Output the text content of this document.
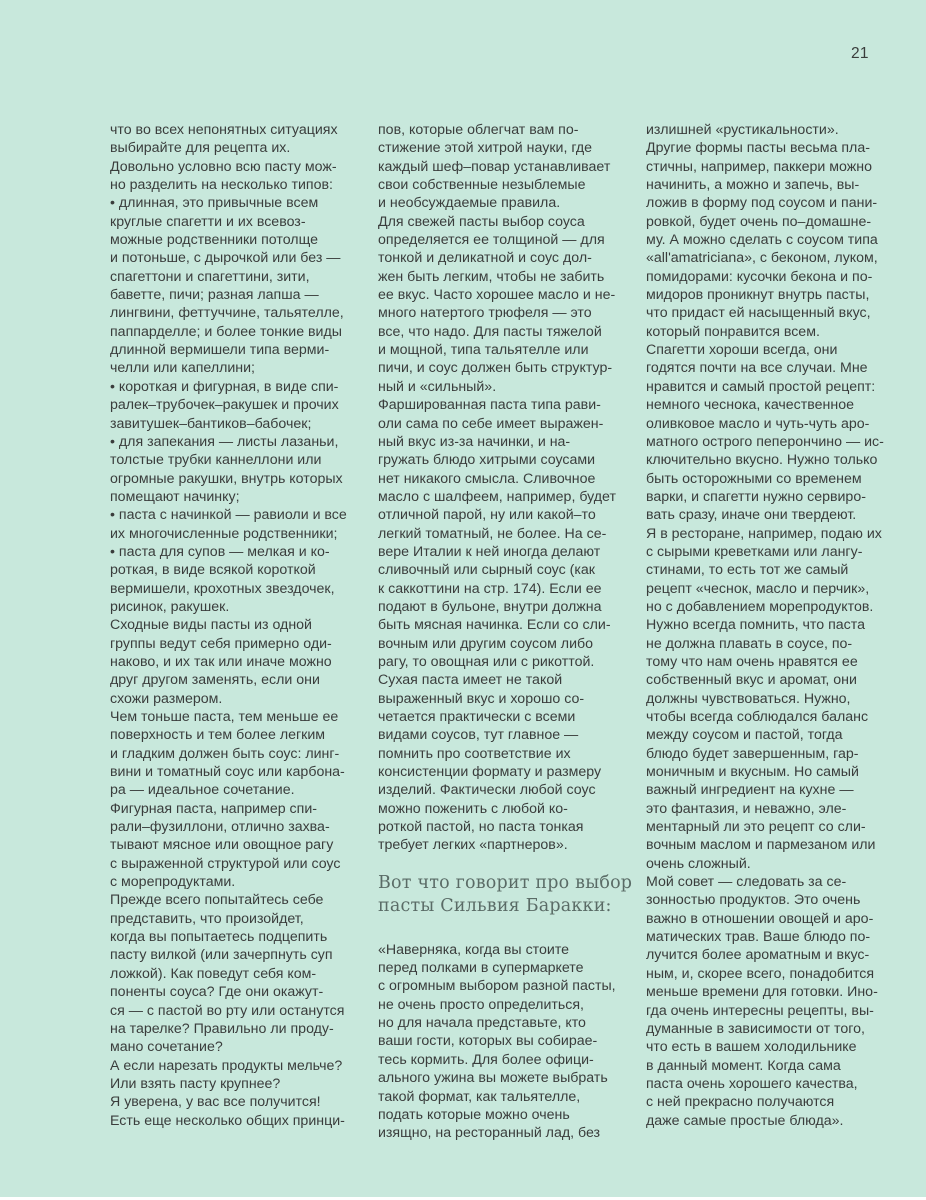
21
что во всех непонятных ситуациях
выбирайте для рецепта их.
Довольно условно всю пасту мож-
но разделить на несколько типов:
• длинная, это привычные всем
круглые спагетти и их всевоз-
можные родственники потолще
и потоньше, с дырочкой или без —
спагеттони и спагеттини, зити,
баветте, пичи; разная лапша —
лингвини, феттуччине, тальятелле,
паппарделле; и более тонкие виды
длинной вермишели типа верми-
челли или капеллини;
• короткая и фигурная, в виде спи-
ралек–трубочек–ракушек и прочих
завитушек–бантиков–бабочек;
• для запекания — листы лазаньи,
толстые трубки каннеллони или
огромные ракушки, внутрь которых
помещают начинку;
• паста с начинкой — равиоли и все
их многочисленные родственники;
• паста для супов — мелкая и ко-
роткая, в виде всякой короткой
вермишели, крохотных звездочек,
рисинок, ракушек.
Сходные виды пасты из одной
группы ведут себя примерно оди-
наково, и их так или иначе можно
друг другом заменять, если они
схожи размером.
Чем тоньше паста, тем меньше ее
поверхность и тем более легким
и гладким должен быть соус: линг-
вини и томатный соус или карбона-
ра — идеальное сочетание.
Фигурная паста, например спи-
рали–фузиллони, отлично захва-
тывают мясное или овощное рагу
с выраженной структурой или соус
с морепродуктами.
Прежде всего попытайтесь себе
представить, что произойдет,
когда вы попытаетесь подцепить
пасту вилкой (или зачерпнуть суп
ложкой). Как поведут себя ком-
поненты соуса? Где они окажут-
ся — с пастой во рту или останутся
на тарелке? Правильно ли проду-
мано сочетание?
А если нарезать продукты мельче?
Или взять пасту крупнее?
Я уверена, у вас все получится!
Есть еще несколько общих принци-
пов, которые облегчат вам по-
стижение этой хитрой науки, где
каждый шеф–повар устанавливает
свои собственные незыблемые
и необсуждаемые правила.
Для свежей пасты выбор соуса
определяется ее толщиной — для
тонкой и деликатной и соус дол-
жен быть легким, чтобы не забить
ее вкус. Часто хорошее масло и не-
много натертого трюфеля — это
все, что надо. Для пасты тяжелой
и мощной, типа тальятелле или
пичи, и соус должен быть структур-
ный и «сильный».
Фаршированная паста типа рави-
оли сама по себе имеет выражен-
ный вкус из-за начинки, и на-
гружать блюдо хитрыми соусами
нет никакого смысла. Сливочное
масло с шалфеем, например, будет
отличной парой, ну или какой–то
легкий томатный, не более. На се-
вере Италии к ней иногда делают
сливочный или сырный соус (как
к саккоттини на стр. 174). Если ее
подают в бульоне, внутри должна
быть мясная начинка. Если со сли-
вочным или другим соусом либо
рагу, то овощная или с рикоттой.
Сухая паста имеет не такой
выраженный вкус и хорошо со-
четается практически с всеми
видами соусов, тут главное —
помнить про соответствие их
консистенции формату и размеру
изделий. Фактически любой соус
можно поженить с любой ко-
роткой пастой, но паста тонкая
требует легких «партнеров».
Вот что говорит про выбор
пасты Сильвия Баракки:
«Наверняка, когда вы стоите
перед полками в супермаркете
с огромным выбором разной пасты,
не очень просто определиться,
но для начала представьте, кто
ваши гости, которых вы собирае-
тесь кормить. Для более офици-
ального ужина вы можете выбрать
такой формат, как тальятелле,
подать которые можно очень
изящно, на ресторанный лад, без
излишней «рустикальности».
Другие формы пасты весьма пла-
стичны, например, паккери можно
начинить, а можно и запечь, вы-
ложив в форму под соусом и пани-
ровкой, будет очень по–домашне-
му. А можно сделать с соусом типа
«all'amatriciana», с беконом, луком,
помидорами: кусочки бекона и по-
мидоров проникнут внутрь пасты,
что придаст ей насыщенный вкус,
который понравится всем.
Спагетти хороши всегда, они
годятся почти на все случаи. Мне
нравится и самый простой рецепт:
немного чеснока, качественное
оливковое масло и чуть-чуть аро-
матного острого пеперончино — ис-
ключительно вкусно. Нужно только
быть осторожными со временем
варки, и спагетти нужно сервиро-
вать сразу, иначе они твердеют.
Я в ресторане, например, подаю их
с сырыми креветками или лангу-
стинами, то есть тот же самый
рецепт «чеснок, масло и перчик»,
но с добавлением морепродуктов.
Нужно всегда помнить, что паста
не должна плавать в соусе, по-
тому что нам очень нравятся ее
собственный вкус и аромат, они
должны чувствоваться. Нужно,
чтобы всегда соблюдался баланс
между соусом и пастой, тогда
блюдо будет завершенным, гар-
моничным и вкусным. Но самый
важный ингредиент на кухне —
это фантазия, и неважно, эле-
ментарный ли это рецепт со сли-
вочным маслом и пармезаном или
очень сложный.
Мой совет — следовать за се-
зонностью продуктов. Это очень
важно в отношении овощей и аро-
матических трав. Ваше блюдо по-
лучится более ароматным и вкус-
ным, и, скорее всего, понадобится
меньше времени для готовки. Ино-
гда очень интересны рецепты, вы-
думанные в зависимости от того,
что есть в вашем холодильнике
в данный момент. Когда сама
паста очень хорошего качества,
с ней прекрасно получаются
даже самые простые блюда».
